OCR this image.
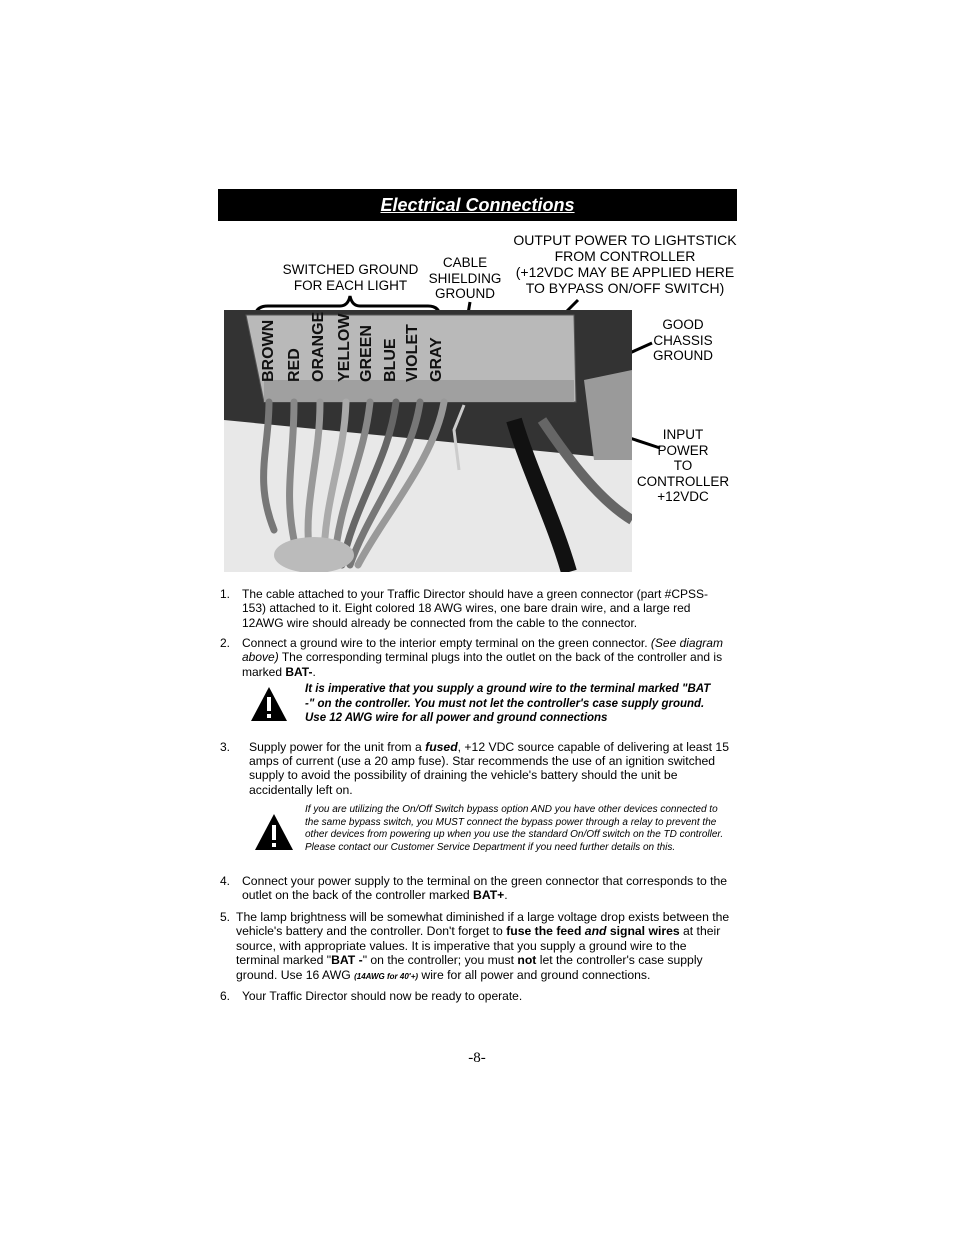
Electrical Connections
SWITCHED GROUND
FOR EACH LIGHT
CABLE
SHIELDING
GROUND
OUTPUT POWER TO LIGHTSTICK
FROM CONTROLLER
(+12VDC MAY BE APPLIED HERE
TO BYPASS ON/OFF SWITCH)
GOOD
CHASSIS
GROUND
INPUT
POWER
TO
CONTROLLER
+12VDC
BROWN RED ORANGE YELLOW GREEN BLUE VIOLET GRAY
1. The cable attached to your Traffic Director should have a green connector (part #CPSS-153) attached to it. Eight colored 18 AWG wires, one bare drain wire, and a large red 12AWG wire should already be connected from the cable to the connector.
2. Connect a ground wire to the interior empty terminal on the green connector. (See diagram above) The corresponding terminal plugs into the outlet on the back of the controller and is marked BAT-.
It is imperative that you supply a ground wire to the terminal marked "BAT -" on the controller. You must not let the controller's case supply ground. Use 12 AWG wire for all power and ground connections
3. Supply power for the unit from a fused, +12 VDC source capable of delivering at least 15 amps of current (use a 20 amp fuse). Star recommends the use of an ignition switched supply to avoid the possibility of draining the vehicle's battery should the unit be accidentally left on.
If you are utilizing the On/Off Switch bypass option AND you have other devices connected to the same bypass switch, you MUST connect the bypass power through a relay to prevent the other devices from powering up when you use the standard On/Off switch on the TD controller. Please contact our Customer Service Department if you need further details on this.
4. Connect your power supply to the terminal on the green connector that corresponds to the outlet on the back of the controller marked BAT+.
5. The lamp brightness will be somewhat diminished if a large voltage drop exists between the vehicle's battery and the controller. Don't forget to fuse the feed and signal wires at their source, with appropriate values. It is imperative that you supply a ground wire to the terminal marked "BAT -" on the controller; you must not let the controller's case supply ground. Use 16 AWG (14AWG for 40'+) wire for all power and ground connections.
6. Your Traffic Director should now be ready to operate.
-8-
